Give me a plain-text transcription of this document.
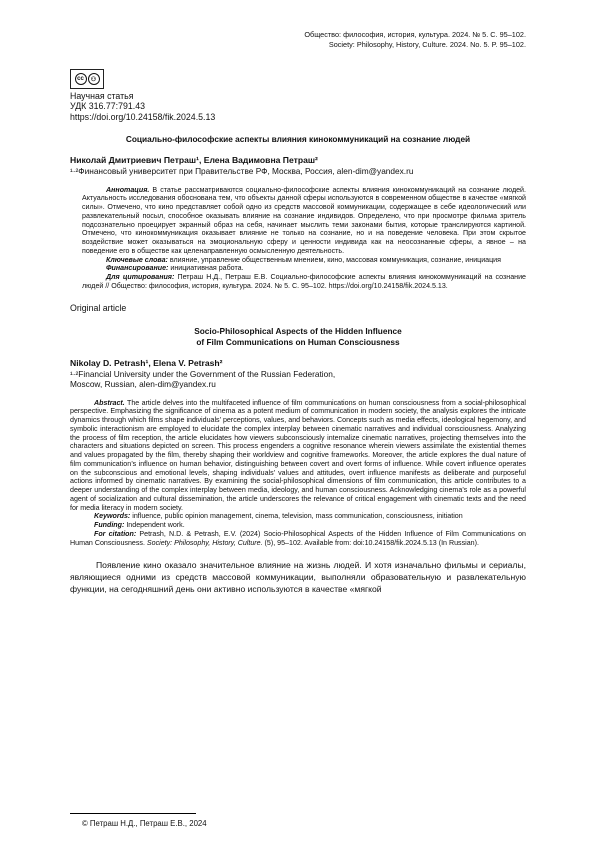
Общество: философия, история, культура. 2024. № 5. С. 95–102.
Society: Philosophy, History, Culture. 2024. No. 5. P. 95–102.
cc	⚇
Научная статья
УДК 316.77:791.43
https://doi.org/10.24158/fik.2024.5.13
Социально-философские аспекты влияния кинокоммуникаций на сознание людей
Николай Дмитриевич Петраш¹, Елена Вадимовна Петраш²
¹·²Финансовый университет при Правительстве РФ, Москва, Россия, alen-dim@yandex.ru

Аннотация. В статье рассматриваются социально-философские аспекты влияния кинокоммуникаций на сознание людей. Актуальность исследования обоснована тем, что объекты данной сферы используются в современном обществе в качестве «мягкой силы». Отмечено, что кино представляет собой одно из средств массовой коммуникации, содержащее в себе идеологический или развлекательный посыл, способное оказывать влияние на сознание индивидов. Определено, что при просмотре фильма зритель подсознательно проецирует экранный образ на себя, начинает мыслить теми законами бытия, которые транслируются картиной. Отмечено, что кинокоммуникация оказывает влияние не только на сознание, но и на поведение человека. При этом скрытое воздействие может оказываться на эмоциональную сферу и ценности индивида как на неосознанные сферы, а явное – на поведение его в обществе как целенаправленную осмысленную деятельность.

Ключевые слова: влияние, управление общественным мнением, кино, массовая коммуникация, сознание, инициация

Финансирование: инициативная работа.

Для цитирования: Петраш Н.Д., Петраш Е.В. Социально-философские аспекты влияния кинокоммуникаций на сознание людей // Общество: философия, история, культура. 2024. № 5. С. 95–102. https://doi.org/10.24158/fik.2024.5.13.

Original article
Socio-Philosophical Aspects of the Hidden Influence
of Film Communications on Human Consciousness
Nikolay D. Petrash¹, Elena V. Petrash²
¹·²Financial University under the Government of the Russian Federation,
Moscow, Russian, alen-dim@yandex.ru

Abstract. The article delves into the multifaceted influence of film communications on human consciousness from a social-philosophical perspective. Emphasizing the significance of cinema as a potent medium of communication in modern society, the analysis explores the intricate dynamics through which films shape individuals’ perceptions, values, and behaviors. Concepts such as media effects, ideological hegemony, and symbolic interactionism are employed to elucidate the complex interplay between cinematic narratives and individual consciousness. Analyzing the process of film reception, the article elucidates how viewers subconsciously internalize cinematic narratives, projecting themselves into the characters and situations depicted on screen. This process engenders a cognitive resonance wherein viewers assimilate the existential themes and values propagated by the film, thereby shaping their worldview and cognitive frameworks. Moreover, the article explores the dual nature of film communication’s influence on human behavior, distinguishing between covert and overt forms of influence. While covert influence operates on the subconscious and emotional levels, shaping individuals’ values and attitudes, overt influence manifests as deliberate and purposeful actions informed by cinematic narratives. By examining the social-philosophical dimensions of film communication, this article contributes to a deeper understanding of the complex interplay between media, ideology, and human consciousness. Acknowledging cinema’s role as a powerful agent of socialization and cultural dissemination, the article underscores the relevance of critical engagement with cinematic texts and the need for media literacy in modern society.

Keywords: influence, public opinion management, cinema, television, mass communication, consciousness, initiation

Funding: Independent work.

For citation: Petrash, N.D. & Petrash, E.V. (2024) Socio-Philosophical Aspects of the Hidden Influence of Film Communications on Human Consciousness. Society: Philosophy, History, Culture. (5), 95–102. Available from: doi:10.24158/fik.2024.5.13 (In Russian).

Появление кино оказало значительное влияние на жизнь людей. И хотя изначально фильмы и сериалы, являющиеся одними из средств массовой коммуникации, выполняли образовательную и развлекательную функции, на сегодняшний день они активно используются в качестве «мягкой
© Петраш Н.Д., Петраш Е.В., 2024
